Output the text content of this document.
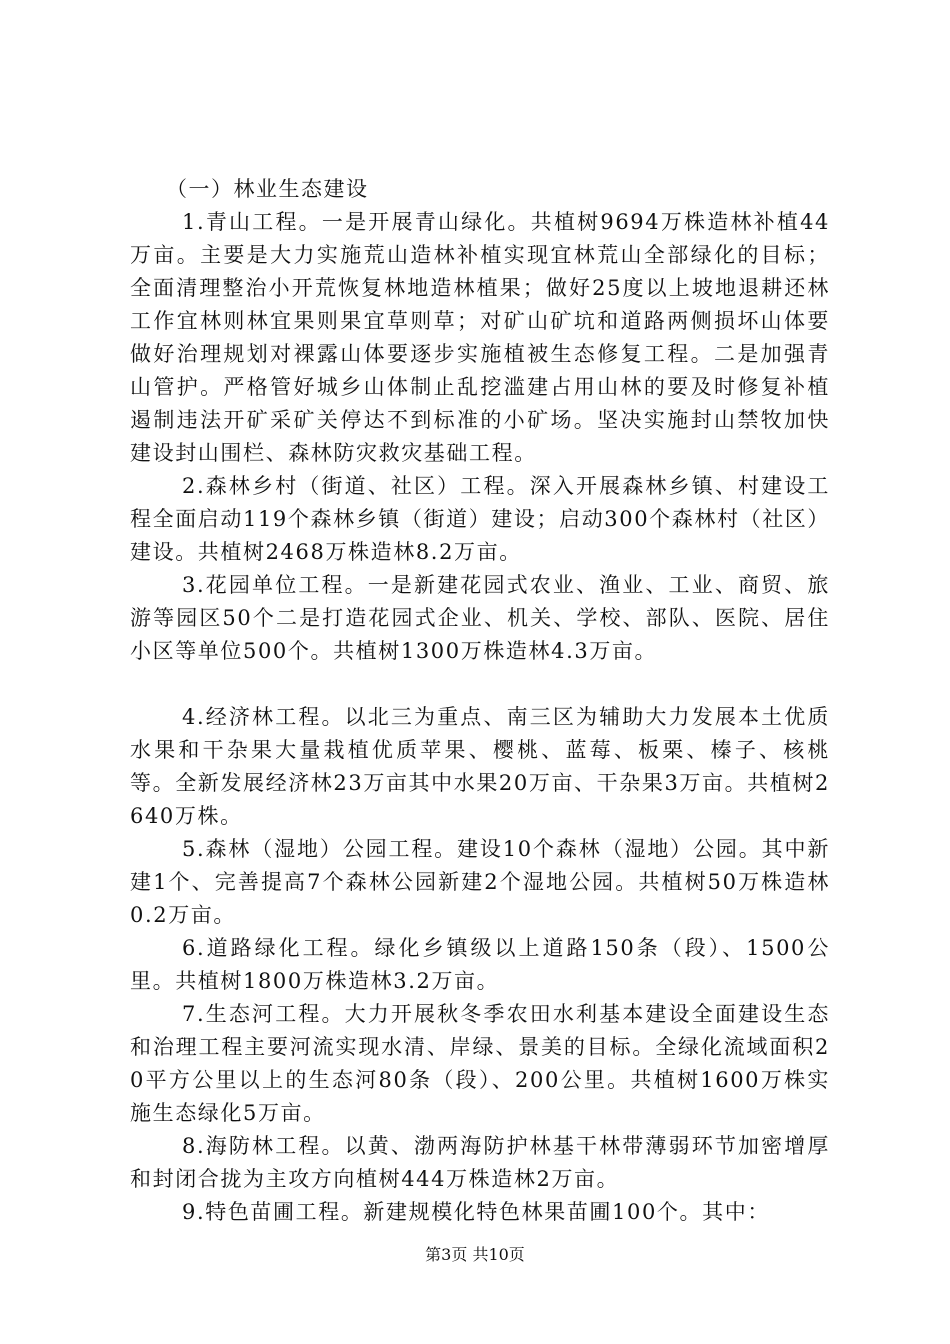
（一）林业生态建设

1.青山工程。一是开展青山绿化。共植树9694万株造林补植44万亩。主要是大力实施荒山造林补植实现宜林荒山全部绿化的目标；全面清理整治小开荒恢复林地造林植果；做好25度以上坡地退耕还林工作宜林则林宜果则果宜草则草；对矿山矿坑和道路两侧损坏山体要做好治理规划对裸露山体要逐步实施植被生态修复工程。二是加强青山管护。严格管好城乡山体制止乱挖滥建占用山林的要及时修复补植遏制违法开矿采矿关停达不到标准的小矿场。坚决实施封山禁牧加快建设封山围栏、森林防灾救灾基础工程。

2.森林乡村（街道、社区）工程。深入开展森林乡镇、村建设工程全面启动119个森林乡镇（街道）建设；启动300个森林村（社区）建设。共植树2468万株造林8.2万亩。

3.花园单位工程。一是新建花园式农业、渔业、工业、商贸、旅游等园区50个二是打造花园式企业、机关、学校、部队、医院、居住小区等单位500个。共植树1300万株造林4.3万亩。

4.经济林工程。以北三为重点、南三区为辅助大力发展本土优质水果和干杂果大量栽植优质苹果、樱桃、蓝莓、板栗、榛子、核桃等。全新发展经济林23万亩其中水果20万亩、干杂果3万亩。共植树2640万株。

5.森林（湿地）公园工程。建设10个森林（湿地）公园。其中新建1个、完善提高7个森林公园新建2个湿地公园。共植树50万株造林0.2万亩。

6.道路绿化工程。绿化乡镇级以上道路150条（段）、1500公里。共植树1800万株造林3.2万亩。

7.生态河工程。大力开展秋冬季农田水利基本建设全面建设生态和治理工程主要河流实现水清、岸绿、景美的目标。全绿化流域面积20平方公里以上的生态河80条（段）、200公里。共植树1600万株实施生态绿化5万亩。

8.海防林工程。以黄、渤两海防护林基干林带薄弱环节加密增厚和封闭合拢为主攻方向植树444万株造林2万亩。

9.特色苗圃工程。新建规模化特色林果苗圃100个。其中：

第3页 共10页
